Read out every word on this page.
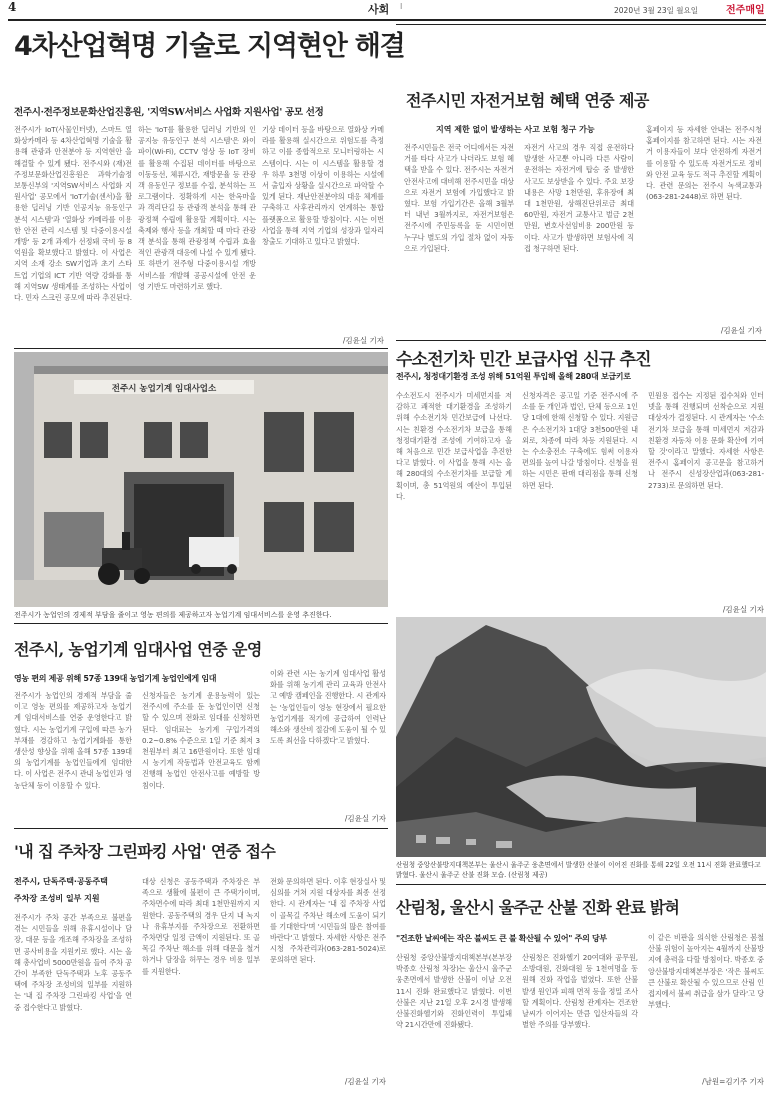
4	사회 I	2020년 3월 23일 월요일	전주매일
4차산업혁명 기술로 지역현안 해결
전주시·전주정보문화산업진흥원, '지역SW서비스 사업화 지원사업' 공모 선정
전주시가 IoT(사물인터넷), 스마트 열화상카메라 등 4차산업혁명 기술을 활용해 관광과 안전분야 등 지역현안 을 해결할 수 있게 됐다. 전주시와 (재)전주정보문화산업진흥원은 과학기술정보통신부의 '지역SW서비스 사업화 지원사업' 공모에서 'IoT기술(센서)을 활용한 딥러닝 기반 인공지능 유동인구 분석 시스템'과 '열화상 카메라를 이용한 안전 관리 시스템 및 다중이용시설 개방' 등 2개 과제가 선정돼 국비 등 8억원을 확보했다고 밝혔다. 이 사업은 지역 소재 강소 SW기업과 초기 스타트업 기업의 ICT 기반 역량 강화를 통해 지역SW 생태계를 조성하는 사업이다. 민자 스크린 공모에 따라 추진된다.
하는 'IoT를 활용한 딥러닝 기반의 인공지능 유동인구 분석 시스템'은 와이파이(Wi-Fi), CCTV 영상 등 IoT 장비를 활용해 수집된 데이터를 바탕으로 이동동선, 체류시간, 재방문율 등 관광객 유동인구 정보를 수집, 분석하는 프로그램이다. 정확하게 시는 한옥마을과 객리단길 등 관광객 분석을 통해 관광정책 수립에 활용할 계획이다. 시는 축제와 행사 등을 개최할 때 마다 관광객 분석을 통해 관광정책 수립과 효율적인 관광객 대응에 나설 수 있게 됐다. 또 하반기 전주형 다중이용시설 개방 서비스를 개발해 공공시설에 안전 운영 기반도 마련하기로 했다.
기상 데이터 등을 바탕으로 열화상 카메라를 활용해 실시간으로 위험도를 측정하고 이를 종합적으로 모니터링하는 시스템이다. 시는 이 시스템을 활용할 경우 하루 3천명 이상이 이용하는 시설에서 출입자 상황을 실시간으로 파악할 수 있게 된다. 재난안전분야의 대응 체계를 구축하고 사후관리까지 연계하는 통합 플랫폼으로 활용할 방침이다. 시는 이번 사업을 통해 지역 기업의 성장과 일자리 창출도 기대하고 있다고 밝혔다.
/김윤실 기자
전주시 농업기계 임대사업소
전주시가 농업인의 경제적 부담을 줄이고 영농 편의를 제공하고자 농업기계 임대서비스를 운영 추진한다.
전주시민 자전거보험 혜택 연중 제공
지역 제한 없이 발생하는 사고 보험 청구 가능
전주시민들은 전국 어디에서든 자전거를 타다 사고가 나더라도 보험 혜택을 받을 수 있다. 전주시는 자전거 안전사고에 대비해 전주시민을 대상으로 자전거 보험에 가입했다고 밝혔다. 보험 가입기간은 올해 3월부터 내년 3월까지로, 자전거보험은 전주시에 주민등록을 둔 시민이면 누구나 별도의 가입 절차 없이 자동으로 가입된다.
자전거 사고의 경우 직접 운전하다 발생한 사고뿐 아니라 다른 사람이 운전하는 자전거에 탑승 중 발생한 사고도 보상받을 수 있다. 주요 보장내용은 사망 1천만원, 후유장애 최대 1천만원, 상해진단위로금 최대 60만원, 자전거 교통사고 벌금 2천만원, 변호사선임비용 200만원 등이다. 사고가 발생하면 보험사에 직접 청구하면 된다.
홈페이지 등 자세한 안내는 전주시청 홈페이지를 참고하면 된다. 시는 자전거 이용자들이 보다 안전하게 자전거를 이용할 수 있도록 자전거도로 정비와 안전 교육 등도 적극 추진할 계획이다. 관련 문의는 전주시 녹색교통과(063-281-2448)로 하면 된다.
/김윤실 기자
수소전기차 민간 보급사업 신규 추진
전주시, 청정대기환경 조성 위해 51억원 투입해 올해 280대 보급키로
수소전도시 전주시가 미세먼지를 저감하고 쾌적한 대기환경을 조성하기 위해 수소전기차 민간보급에 나선다. 시는 친환경 수소전기차 보급을 통해 청정대기환경 조성에 기여하고자 올해 처음으로 민간 보급사업을 추진한다고 밝혔다. 이 사업을 통해 시는 올해 280대의 수소전기차를 보급할 계획이며, 총 51억원의 예산이 투입된다.
신청자격은 공고일 기준 전주시에 주소를 둔 개인과 법인, 단체 등으로 1인당 1대에 한해 신청할 수 있다. 지원금은 수소전기차 1대당 3천500만원 내외로, 차종에 따라 차등 지원된다. 시는 수소충전소 구축에도 힘써 이용자 편의를 높여 나갈 방침이다. 신청을 원하는 시민은 판매 대리점을 통해 신청하면 된다.
민원용 접수는 지정된 접수처와 인터넷을 통해 진행되며 선착순으로 지원 대상자가 결정된다. 시 관계자는 '수소전기차 보급을 통해 미세먼지 저감과 친환경 자동차 이용 문화 확산에 기여할 것'이라고 말했다. 자세한 사항은 전주시 홈페이지 공고문을 참고하거나 전주시 신성장산업과(063-281-2733)로 문의하면 된다.
/김윤실 기자
전주시, 농업기계 임대사업 연중 운영
영농 편의 제공 위해 57종 139대 농업기계 농업인에게 임대
전주시가 농업인의 경제적 부담을 줄이고 영농 편의를 제공하고자 농업기계 임대서비스를 연중 운영한다고 밝혔다. 시는 농업기계 구입에 따른 농가부채를 경감하고 농업기계화를 통한 생산성 향상을 위해 올해 57종 139대의 농업기계를 농업인들에게 임대한다. 이 사업은 전주시 관내 농업인과 영농단체 등이 이용할 수 있다.
신청자들은 농기계 운용능력이 있는 전주시에 주소를 둔 농업인이면 신청할 수 있으며 전화로 임대를 신청하면 된다. 임대료는 농기계 구입가격의 0.2~0.8% 수준으로 1일 기준 최저 3천원부터 최고 16만원이다. 또한 임대 시 농기계 작동법과 안전교육도 함께 진행해 농업인 안전사고를 예방할 방침이다.
이와 관련 시는 농기계 임대사업 활성화를 위해 농기계 관리 교육과 안전사고 예방 캠페인을 진행한다. 시 관계자는 '농업인들이 영농 현장에서 필요한 농업기계를 적기에 공급하여 인력난 해소와 생산비 절감에 도움이 될 수 있도록 최선을 다하겠다'고 밝혔다.
/김윤실 기자
산림청 중앙산불방지대책본부는 울산시 울주군 웅촌면에서 발생한 산불이 이어진 진화를 통해 22일 오전 11시 진화 완료했다고 밝혔다. 울산시 울주군 산불 진화 모습. (산림청 제공)
'내 집 주차장 그린파킹 사업' 연중 접수
전주시, 단독주택·공동주택
주차장 조성비 일부 지원
전주시가 주차 공간 부족으로 불편을 겪는 시민들을 위해 유휴시설이나 담장, 대문 등을 개조해 주차장을 조성하면 공사비용을 지원키로 했다. 시는 올해 총사업비 5000만원을 들여 주차 공간이 부족한 단독주택과 노후 공동주택에 주차장 조성비의 일부를 지원하는 '내 집 주차장 그린파킹 사업'을 연중 접수한다고 밝혔다.
대상 신청은 공동주택과 주차장은 부족으로 생활에 불편이 큰 주택가이며, 주차면수에 따라 최대 1천만원까지 지원한다. 공동주택의 경우 단지 내 녹지나 유휴부지를 주차장으로 전환하면 주차면당 일정 금액이 지원된다. 또 골목길 주차난 해소를 위해 대문을 철거하거나 담장을 허무는 경우 비용 일부를 지원한다.
전화 문의하면 된다. 이후 현장실사 및 심의를 거쳐 지원 대상자를 최종 선정한다. 시 관계자는 '내 집 주차장 사업이 골목길 주차난 해소에 도움이 되기를 기대한다'며 '시민들의 많은 참여를 바란다'고 밝혔다. 자세한 사항은 전주시청 주차관리과(063-281-5024)로 문의하면 된다.
/김윤실 기자
산림청, 울산시 울주군 산불 진화 완료 밝혀
"건조한 날씨에는 작은 불씨도 큰 불 확산될 수 있어" 주의 당부
산림청 중앙산불방지대책본부(본부장 박종호 산림청 차장)는 울산시 울주군 웅촌면에서 발생한 산불이 이날 오전 11시 진화 완료했다고 밝혔다. 이번 산불은 지난 21일 오후 2시경 발생해 산불진화헬기와 진화인력이 투입돼 약 21시간만에 진화됐다.
산림청은 진화헬기 20여대와 공무원, 소방대원, 진화대원 등 1천여명을 동원해 진화 작업을 벌였다. 또한 산불 발생 원인과 피해 면적 등을 정밀 조사할 계획이다. 산림청 관계자는 건조한 날씨가 이어지는 만큼 입산자들의 각별한 주의를 당부했다.
이 같은 비판을 의식한 산림청은 봄철 산불 위험이 높아지는 4월까지 산불방지에 총력을 다할 방침이다. 박종호 중앙산불방지대책본부장은 '작은 불씨도 큰 산불로 확산될 수 있으므로 산림 인접지에서 불씨 취급을 삼가 달라'고 당부했다.
/남원=김기주 기자
